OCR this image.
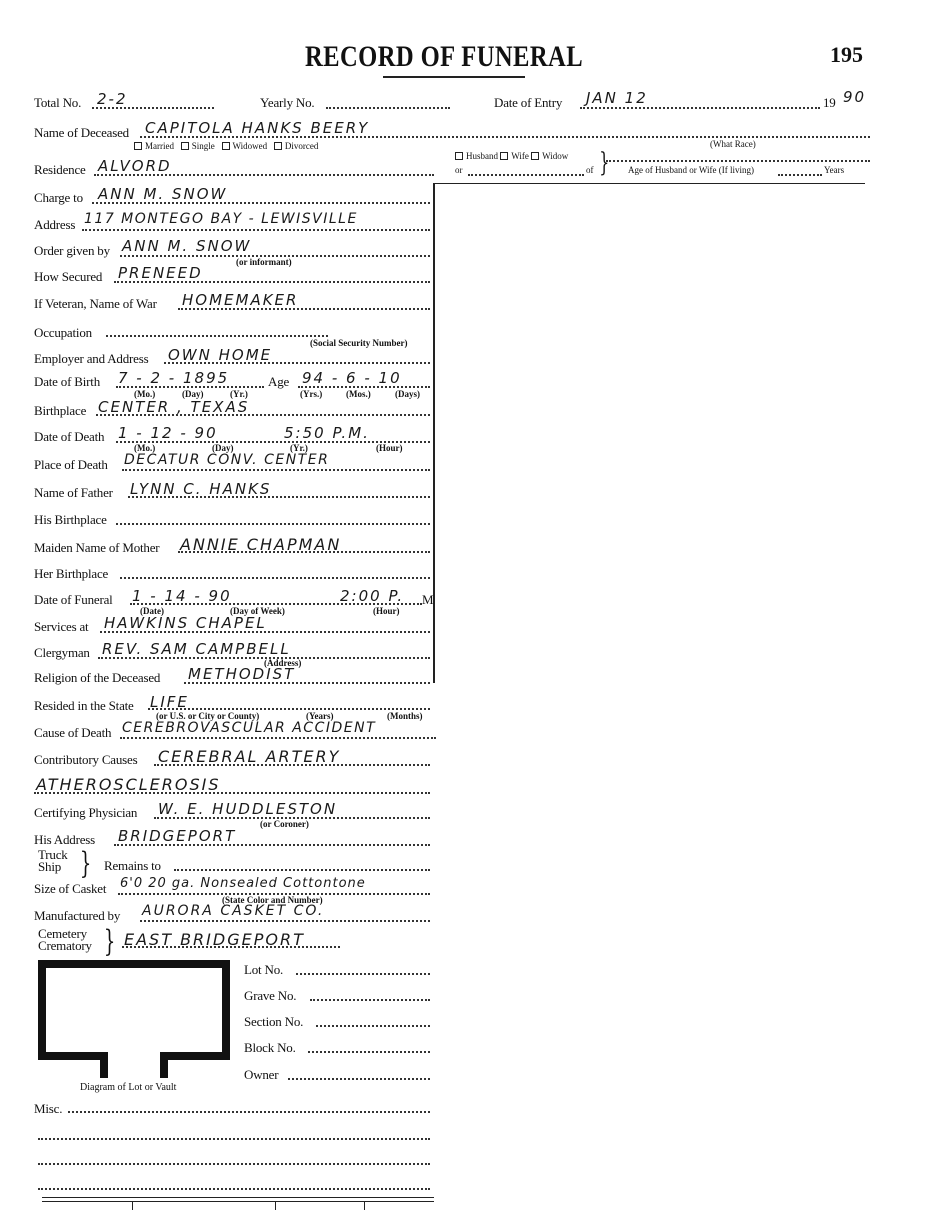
RECORD OF FUNERAL	195
Total No. 2-2	Yearly No.	Date of Entry JAN 12	19 90
Name of Deceased CAPITOLA HANKS BEERY
Married Single Widowed Divorced	(What Race)
Residence ALVORD
Husband Wife Widow
or	of } Age of Husband or Wife (If living)	Years
Charge to ANN M. SNOW
Address 117 MONTEGO BAY - LEWISVILLE
Order given by ANN M. SNOW
(or informant)
How Secured PRENEED
If Veteran, Name of War HOMEMAKER
Occupation
(Social Security Number)
Employer and Address OWN HOME
Date of Birth 7 - 2 - 1895	Age 94 - 6 - 10
(Mo.)	(Day)	(Yr.)	(Yrs.)	(Mos.)	(Days)
Birthplace CENTER , TEXAS
Date of Death 1 - 12 - 90	5:50 P.M.
(Mo.)	(Day)	(Yr.)	(Hour)
Place of Death DECATUR CONV. CENTER
Name of Father LYNN C. HANKS
His Birthplace
Maiden Name of Mother ANNIE CHAPMAN
Her Birthplace
Date of Funeral 1 - 14 - 90	2:00 P. M
(Date)	(Day of Week)	(Hour)
Services at HAWKINS CHAPEL
Clergyman REV. SAM CAMPBELL
(Address)
Religion of the Deceased METHODIST
Resided in the State LIFE
(or U.S. or City or County)	(Years)	(Months)
Cause of Death CEREBROVASCULAR ACCIDENT
Contributory Causes CEREBRAL ARTERY
ATHEROSCLEROSIS
Certifying Physician W. E. HUDDLESTON
(or Coroner)
His Address BRIDGEPORT
Truck
Ship } Remains to
Size of Casket 6'0 20 ga. Nonsealed Cottontone
(State Color and Number)
Manufactured by AURORA CASKET CO.
Cemetery
Crematory } EAST BRIDGEPORT
Diagram of Lot or Vault
Lot No.
Grave No.
Section No.
Block No.
Owner
Misc.
